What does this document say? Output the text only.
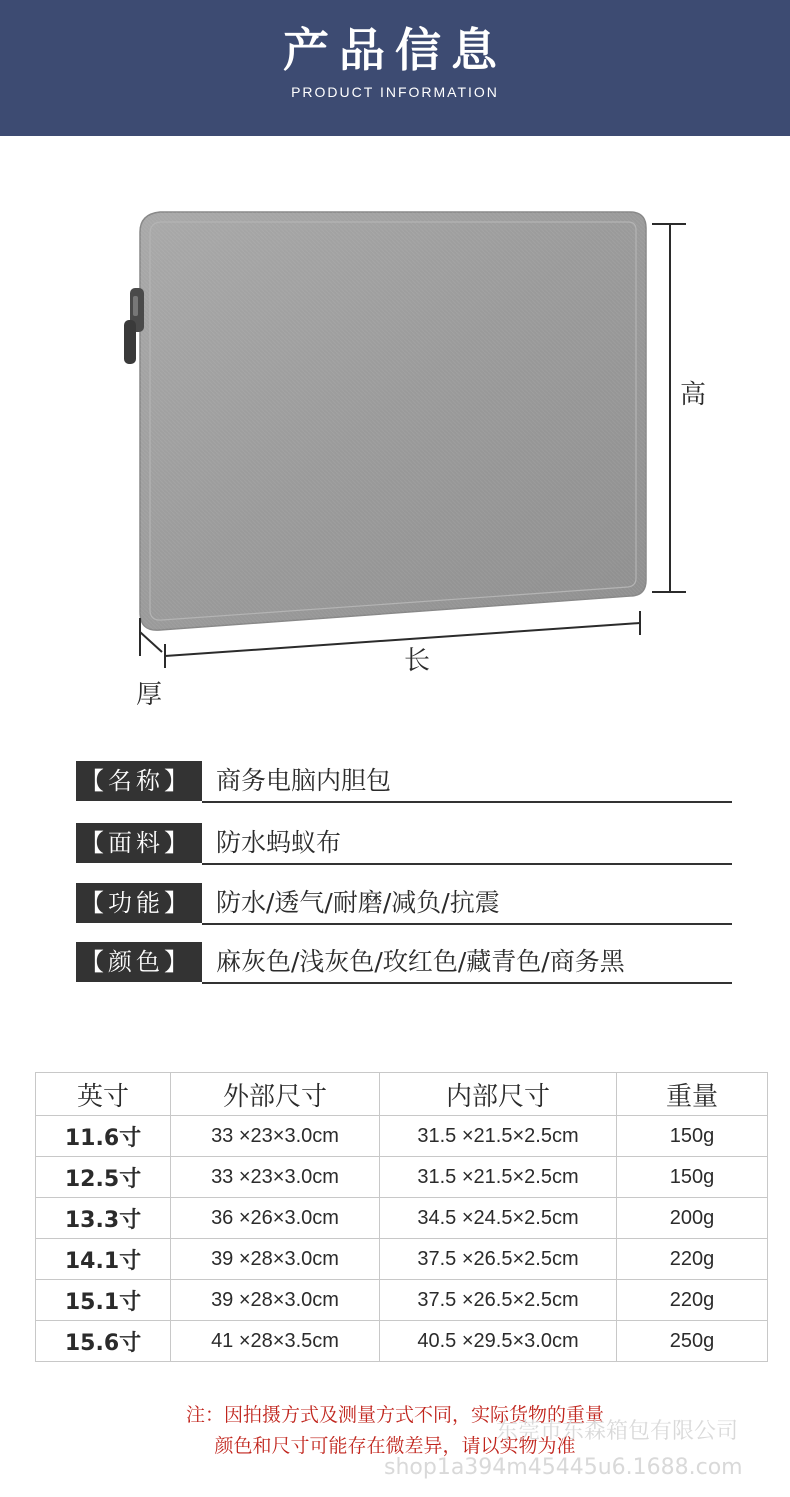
产品信息
PRODUCT INFORMATION
高
长
厚
【名称】 商务电脑内胆包
【面料】 防水蚂蚁布
【功能】 防水/透气/耐磨/减负/抗震
【颜色】 麻灰色/浅灰色/玫红色/藏青色/商务黑
英寸	外部尺寸	内部尺寸	重量
11.6寸	33 ×23×3.0cm	31.5 ×21.5×2.5cm	150g
12.5寸	33 ×23×3.0cm	31.5 ×21.5×2.5cm	150g
13.3寸	36 ×26×3.0cm	34.5 ×24.5×2.5cm	200g
14.1寸	39 ×28×3.0cm	37.5 ×26.5×2.5cm	220g
15.1寸	39 ×28×3.0cm	37.5 ×26.5×2.5cm	220g
15.6寸	41 ×28×3.5cm	40.5 ×29.5×3.0cm	250g
注：因拍摄方式及测量方式不同，实际货物的重量
颜色和尺寸可能存在微差异，请以实物为准
东莞市东森箱包有限公司
shop1a394m45445u6.1688.com
